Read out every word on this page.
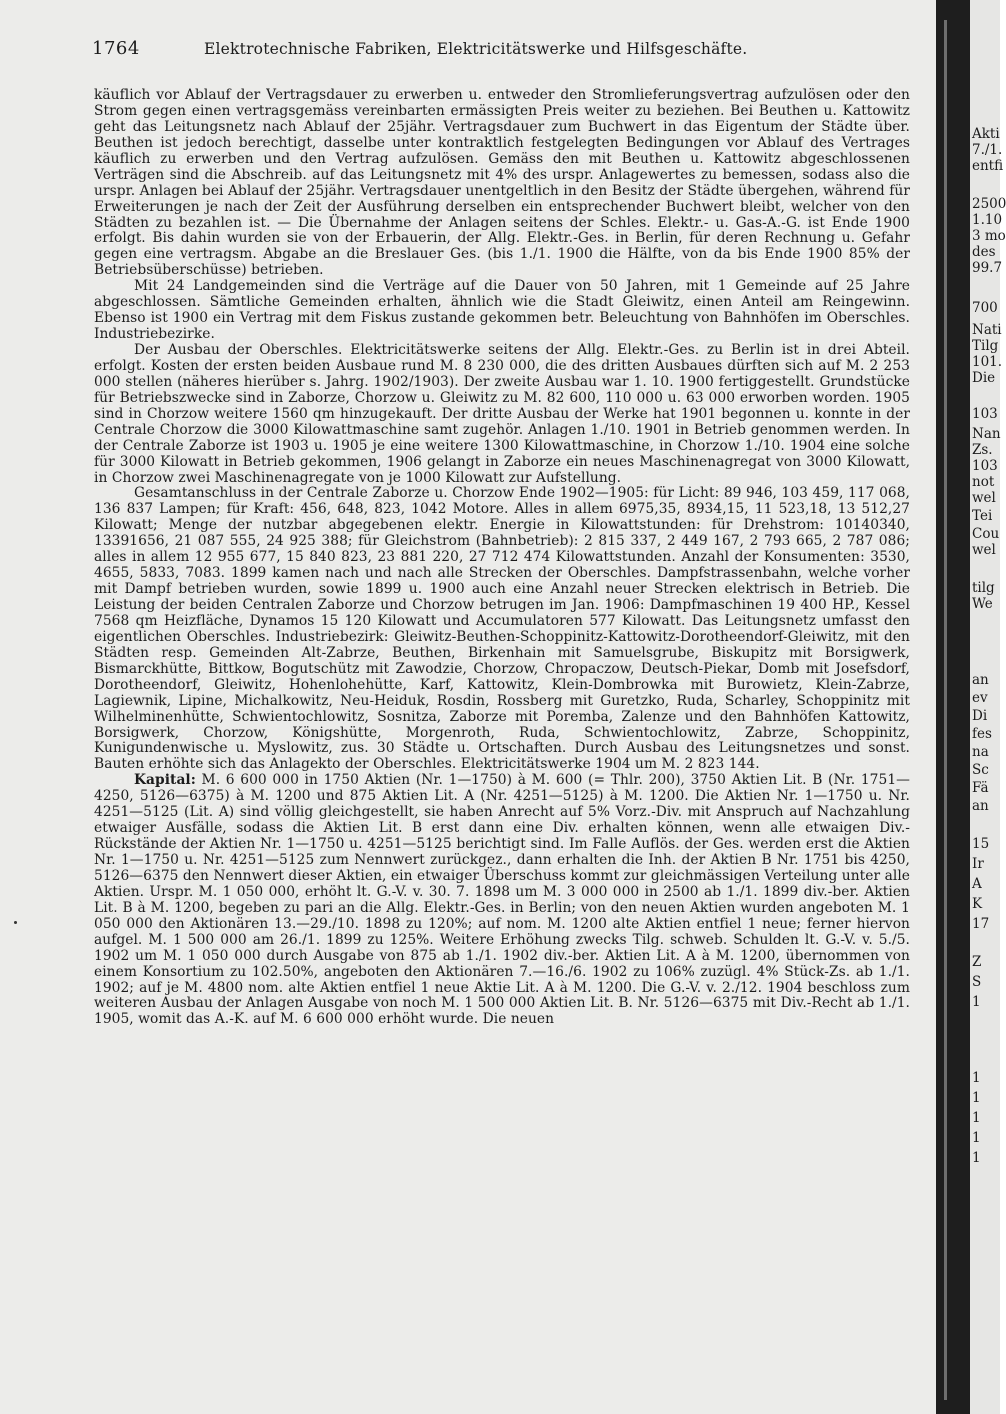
1764	Elektrotechnische Fabriken, Elektricitätswerke und Hilfsgeschäfte.

käuflich vor Ablauf der Vertragsdauer zu erwerben u. entweder den Stromlieferungsvertrag aufzulösen oder den Strom gegen einen vertragsgemäss vereinbarten ermässigten Preis weiter zu beziehen. Bei Beuthen u. Kattowitz geht das Leitungsnetz nach Ablauf der 25jähr. Vertragsdauer zum Buchwert in das Eigentum der Städte über. Beuthen ist jedoch berechtigt, dasselbe unter kontraktlich festgelegten Bedingungen vor Ablauf des Vertrages käuflich zu erwerben und den Vertrag aufzulösen. Gemäss den mit Beuthen u. Kattowitz abgeschlossenen Verträgen sind die Abschreib. auf das Leitungsnetz mit 4% des urspr. Anlagewertes zu bemessen, sodass also die urspr. Anlagen bei Ablauf der 25jähr. Vertragsdauer unentgeltlich in den Besitz der Städte übergehen, während für Erweiterungen je nach der Zeit der Ausführung derselben ein entsprechender Buchwert bleibt, welcher von den Städten zu bezahlen ist. — Die Übernahme der Anlagen seitens der Schles. Elektr.- u. Gas-A.-G. ist Ende 1900 erfolgt. Bis dahin wurden sie von der Erbauerin, der Allg. Elektr.-Ges. in Berlin, für deren Rechnung u. Gefahr gegen eine vertragsm. Abgabe an die Breslauer Ges. (bis 1./1. 1900 die Hälfte, von da bis Ende 1900 85% der Betriebsüberschüsse) betrieben.

Mit 24 Landgemeinden sind die Verträge auf die Dauer von 50 Jahren, mit 1 Gemeinde auf 25 Jahre abgeschlossen. Sämtliche Gemeinden erhalten, ähnlich wie die Stadt Gleiwitz, einen Anteil am Reingewinn. Ebenso ist 1900 ein Vertrag mit dem Fiskus zustande gekommen betr. Beleuchtung von Bahnhöfen im Oberschles. Industriebezirke.

Der Ausbau der Oberschles. Elektricitätswerke seitens der Allg. Elektr.-Ges. zu Berlin ist in drei Abteil. erfolgt. Kosten der ersten beiden Ausbaue rund M. 8 230 000, die des dritten Ausbaues dürften sich auf M. 2 253 000 stellen (näheres hierüber s. Jahrg. 1902/1903). Der zweite Ausbau war 1. 10. 1900 fertiggestellt. Grundstücke für Betriebszwecke sind in Zaborze, Chorzow u. Gleiwitz zu M. 82 600, 110 000 u. 63 000 erworben worden. 1905 sind in Chorzow weitere 1560 qm hinzugekauft. Der dritte Ausbau der Werke hat 1901 begonnen u. konnte in der Centrale Chorzow die 3000 Kilowattmaschine samt zugehör. Anlagen 1./10. 1901 in Betrieb genommen werden. In der Centrale Zaborze ist 1903 u. 1905 je eine weitere 1300 Kilowattmaschine, in Chorzow 1./10. 1904 eine solche für 3000 Kilowatt in Betrieb gekommen, 1906 gelangt in Zaborze ein neues Maschinenagregat von 3000 Kilowatt, in Chorzow zwei Maschinenagregate von je 1000 Kilowatt zur Aufstellung.

Gesamtanschluss in der Centrale Zaborze u. Chorzow Ende 1902—1905: für Licht: 89 946, 103 459, 117 068, 136 837 Lampen; für Kraft: 456, 648, 823, 1042 Motore. Alles in allem 6975,35, 8934,15, 11 523,18, 13 512,27 Kilowatt; Menge der nutzbar abgegebenen elektr. Energie in Kilowattstunden: für Drehstrom: 10140340, 13391656, 21 087 555, 24 925 388; für Gleichstrom (Bahnbetrieb): 2 815 337, 2 449 167, 2 793 665, 2 787 086; alles in allem 12 955 677, 15 840 823, 23 881 220, 27 712 474 Kilowattstunden. Anzahl der Konsumenten: 3530, 4655, 5833, 7083. 1899 kamen nach und nach alle Strecken der Oberschles. Dampfstrassenbahn, welche vorher mit Dampf betrieben wurden, sowie 1899 u. 1900 auch eine Anzahl neuer Strecken elektrisch in Betrieb. Die Leistung der beiden Centralen Zaborze und Chorzow betrugen im Jan. 1906: Dampfmaschinen 19 400 HP., Kessel 7568 qm Heizfläche, Dynamos 15 120 Kilowatt und Accumulatoren 577 Kilowatt. Das Leitungsnetz umfasst den eigentlichen Oberschles. Industriebezirk: Gleiwitz-Beuthen-Schoppinitz-Kattowitz-Dorotheendorf-Gleiwitz, mit den Städten resp. Gemeinden Alt-Zabrze, Beuthen, Birkenhain mit Samuelsgrube, Biskupitz mit Borsigwerk, Bismarckhütte, Bittkow, Bogutschütz mit Zawodzie, Chorzow, Chropaczow, Deutsch-Piekar, Domb mit Josefsdorf, Dorotheendorf, Gleiwitz, Hohenlohehütte, Karf, Kattowitz, Klein-Dombrowka mit Burowietz, Klein-Zabrze, Lagiewnik, Lipine, Michalkowitz, Neu-Heiduk, Rosdin, Rossberg mit Guretzko, Ruda, Scharley, Schoppinitz mit Wilhelminenhütte, Schwientochlowitz, Sosnitza, Zaborze mit Poremba, Zalenze und den Bahnhöfen Kattowitz, Borsigwerk, Chorzow, Königshütte, Morgenroth, Ruda, Schwientochlowitz, Zabrze, Schoppinitz, Kunigundenwische u. Myslowitz, zus. 30 Städte u. Ortschaften. Durch Ausbau des Leitungsnetzes und sonst. Bauten erhöhte sich das Anlagekto der Oberschles. Elektricitätswerke 1904 um M. 2 823 144.

Kapital: M. 6 600 000 in 1750 Aktien (Nr. 1—1750) à M. 600 (= Thlr. 200), 3750 Aktien Lit. B (Nr. 1751—4250, 5126—6375) à M. 1200 und 875 Aktien Lit. A (Nr. 4251—5125) à M. 1200. Die Aktien Nr. 1—1750 u. Nr. 4251—5125 (Lit. A) sind völlig gleichgestellt, sie haben Anrecht auf 5% Vorz.-Div. mit Anspruch auf Nachzahlung etwaiger Ausfälle, sodass die Aktien Lit. B erst dann eine Div. erhalten können, wenn alle etwaigen Div.-Rückstände der Aktien Nr. 1—1750 u. 4251—5125 berichtigt sind. Im Falle Auflös. der Ges. werden erst die Aktien Nr. 1—1750 u. Nr. 4251—5125 zum Nennwert zurückgez., dann erhalten die Inh. der Aktien B Nr. 1751 bis 4250, 5126—6375 den Nennwert dieser Aktien, ein etwaiger Überschuss kommt zur gleichmässigen Verteilung unter alle Aktien. Urspr. M. 1 050 000, erhöht lt. G.-V. v. 30. 7. 1898 um M. 3 000 000 in 2500 ab 1./1. 1899 div.-ber. Aktien Lit. B à M. 1200, begeben zu pari an die Allg. Elektr.-Ges. in Berlin; von den neuen Aktien wurden angeboten M. 1 050 000 den Aktionären 13.—29./10. 1898 zu 120%; auf nom. M. 1200 alte Aktien entfiel 1 neue; ferner hiervon aufgel. M. 1 500 000 am 26./1. 1899 zu 125%. Weitere Erhöhung zwecks Tilg. schweb. Schulden lt. G.-V. v. 5./5. 1902 um M. 1 050 000 durch Ausgabe von 875 ab 1./1. 1902 div.-ber. Aktien Lit. A à M. 1200, übernommen von einem Konsortium zu 102.50%, angeboten den Aktionären 7.—16./6. 1902 zu 106% zuzügl. 4% Stück-Zs. ab 1./1. 1902; auf je M. 4800 nom. alte Aktien entfiel 1 neue Aktie Lit. A à M. 1200. Die G.-V. v. 2./12. 1904 beschloss zum weiteren Ausbau der Anlagen Ausgabe von noch M. 1 500 000 Aktien Lit. B. Nr. 5126—6375 mit Div.-Recht ab 1./1. 1905, womit das A.-K. auf M. 6 600 000 erhöht wurde. Die neuen

Akti
7./1.
entfi
2500
1.10
3 mo
des
99.7
700
Nati
Tilg
101.
Die
103
Nan
Zs.
103
not
wel
Tei
Cou
wel
tilg
We
an
ev
Di
fes
na
Sc
Fä
an
15
Ir
A
K
17
Z
S
1
1
1
1
1
1
